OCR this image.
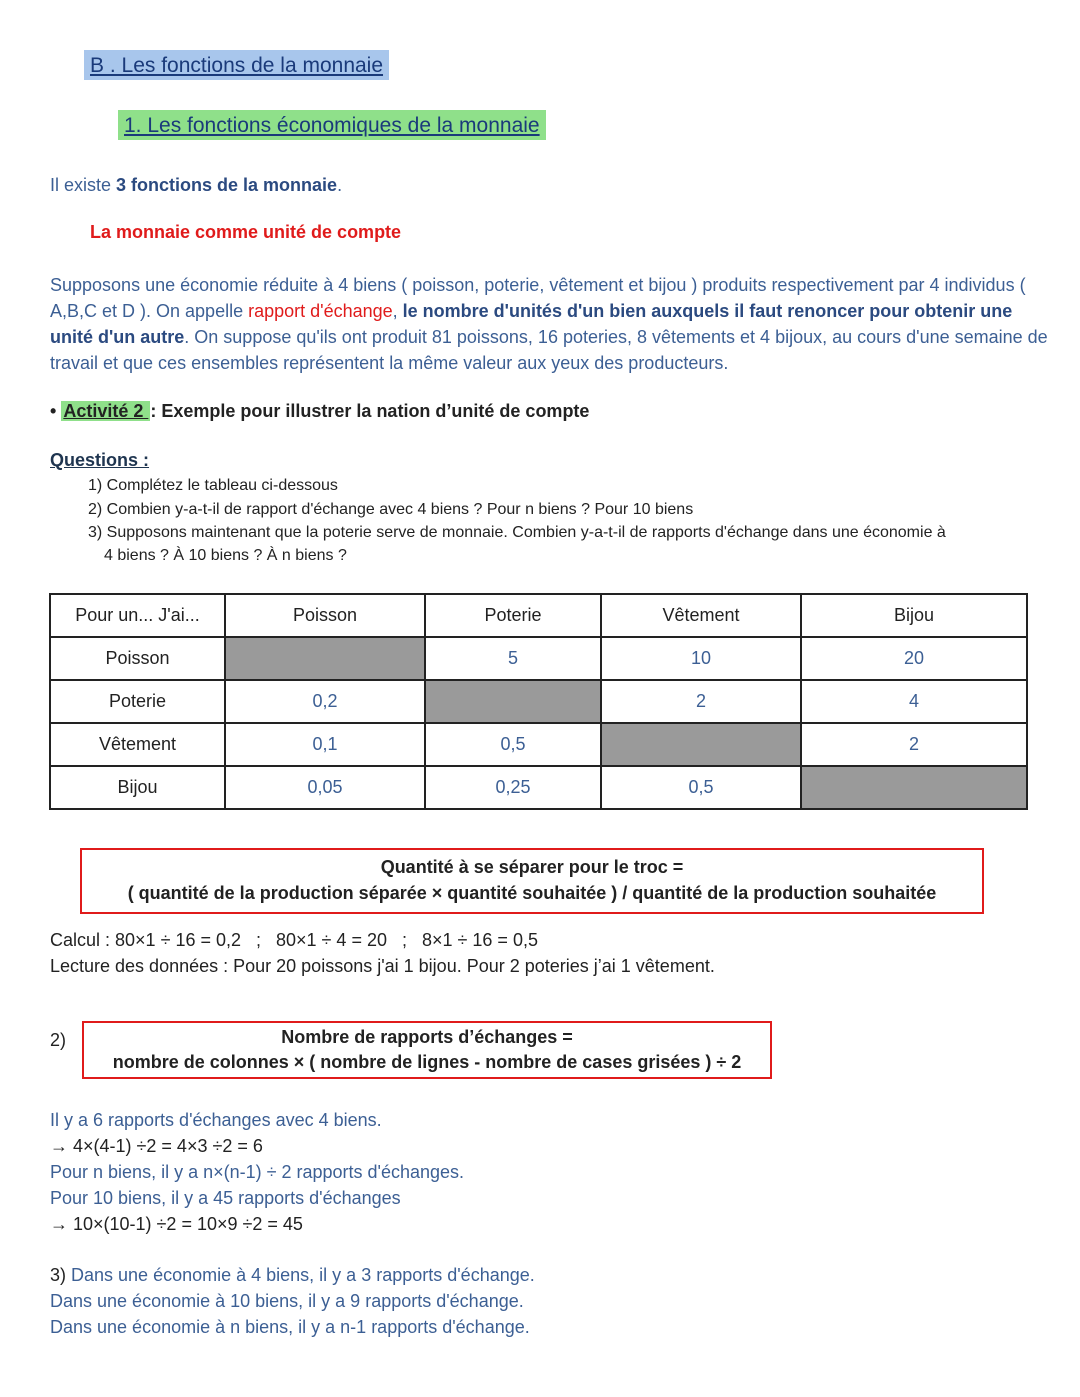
B . Les fonctions de la monnaie
1. Les fonctions économiques de la monnaie
Il existe 3 fonctions de la monnaie.
La monnaie comme unité de compte
Supposons une économie réduite à 4 biens ( poisson, poterie, vêtement et bijou ) produits respectivement par 4 individus ( A,B,C et D ). On appelle rapport d'échange, le nombre d'unités d'un bien auxquels il faut renoncer pour obtenir une unité d'un autre. On suppose qu'ils ont produit 81 poissons, 16 poteries, 8 vêtements et 4 bijoux, au cours d'une semaine de travail et que ces ensembles représentent la même valeur aux yeux des producteurs.
• Activité 2 : Exemple pour illustrer la nation d’unité de compte
Questions :
1) Complétez le tableau ci-dessous
2) Combien y-a-t-il de rapport d'échange avec 4 biens ? Pour n biens ? Pour 10 biens
3) Supposons maintenant que la poterie serve de monnaie. Combien y-a-t-il de rapports d'échange dans une économie à
4 biens ? À 10 biens ? À n biens ?
Pour un... J'ai...	Poisson	Poterie	Vêtement	Bijou
Poisson		5	10	20
Poterie	0,2		2	4
Vêtement	0,1	0,5		2
Bijou	0,05	0,25	0,5	
Quantité à se séparer pour le troc =
( quantité de la production séparée × quantité souhaitée ) / quantité de la production souhaitée
Calcul : 80×1 ÷ 16 = 0,2   ;   80×1 ÷ 4 = 20   ;   8×1 ÷ 16 = 0,5
Lecture des données : Pour 20 poissons j'ai 1 bijou. Pour 2 poteries j’ai 1 vêtement.
2)	Nombre de rapports d’échanges =
nombre de colonnes × ( nombre de lignes - nombre de cases grisées ) ÷ 2
Il y a 6 rapports d'échanges avec 4 biens.
→ 4×(4-1) ÷2 = 4×3 ÷2 = 6
Pour n biens, il y a n×(n-1) ÷ 2 rapports d'échanges.
Pour 10 biens, il y a 45 rapports d'échanges
→ 10×(10-1) ÷2 = 10×9 ÷2 = 45
3) Dans une économie à 4 biens, il y a 3 rapports d'échange.
Dans une économie à 10 biens, il y a 9 rapports d'échange.
Dans une économie à n biens, il y a n-1 rapports d'échange.
